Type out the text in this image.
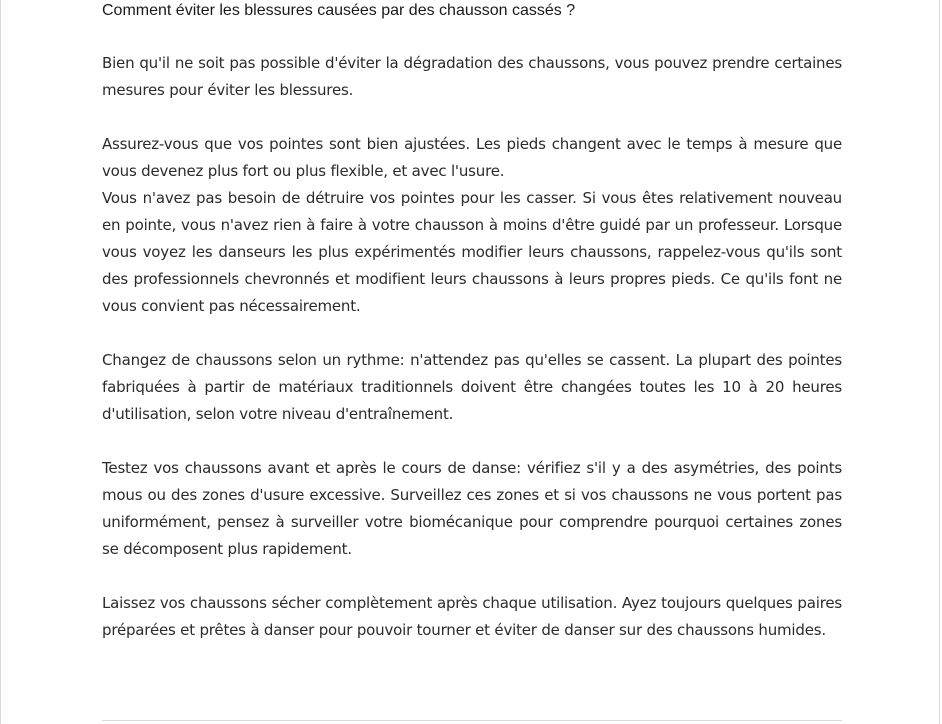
Comment éviter les blessures causées par des chausson cassés ?

Bien qu'il ne soit pas possible d'éviter la dégradation des chaussons, vous pouvez prendre certaines mesures pour éviter les blessures.

Assurez-vous que vos pointes sont bien ajustées. Les pieds changent avec le temps à mesure que vous devenez plus fort ou plus flexible, et avec l'usure.

Vous n'avez pas besoin de détruire vos pointes pour les casser. Si vous êtes relativement nouveau en pointe, vous n'avez rien à faire à votre chausson à moins d'être guidé par un professeur. Lorsque vous voyez les danseurs les plus expérimentés modifier leurs chaussons, rappelez-vous qu'ils sont des professionnels chevronnés et modifient leurs chaussons à leurs propres pieds. Ce qu'ils font ne vous convient pas nécessairement.

Changez de chaussons selon un rythme: n'attendez pas qu'elles se cassent. La plupart des pointes fabriquées à partir de matériaux traditionnels doivent être changées toutes les 10 à 20 heures d'utilisation, selon votre niveau d'entraînement.

Testez vos chaussons avant et après le cours de danse: vérifiez s'il y a des asymétries, des points mous ou des zones d'usure excessive. Surveillez ces zones et si vos chaussons ne vous portent pas uniformément, pensez à surveiller votre biomécanique pour comprendre pourquoi certaines zones se décomposent plus rapidement.

Laissez vos chaussons sécher complètement après chaque utilisation. Ayez toujours quelques paires préparées et prêtes à danser pour pouvoir tourner et éviter de danser sur des chaussons humides.
